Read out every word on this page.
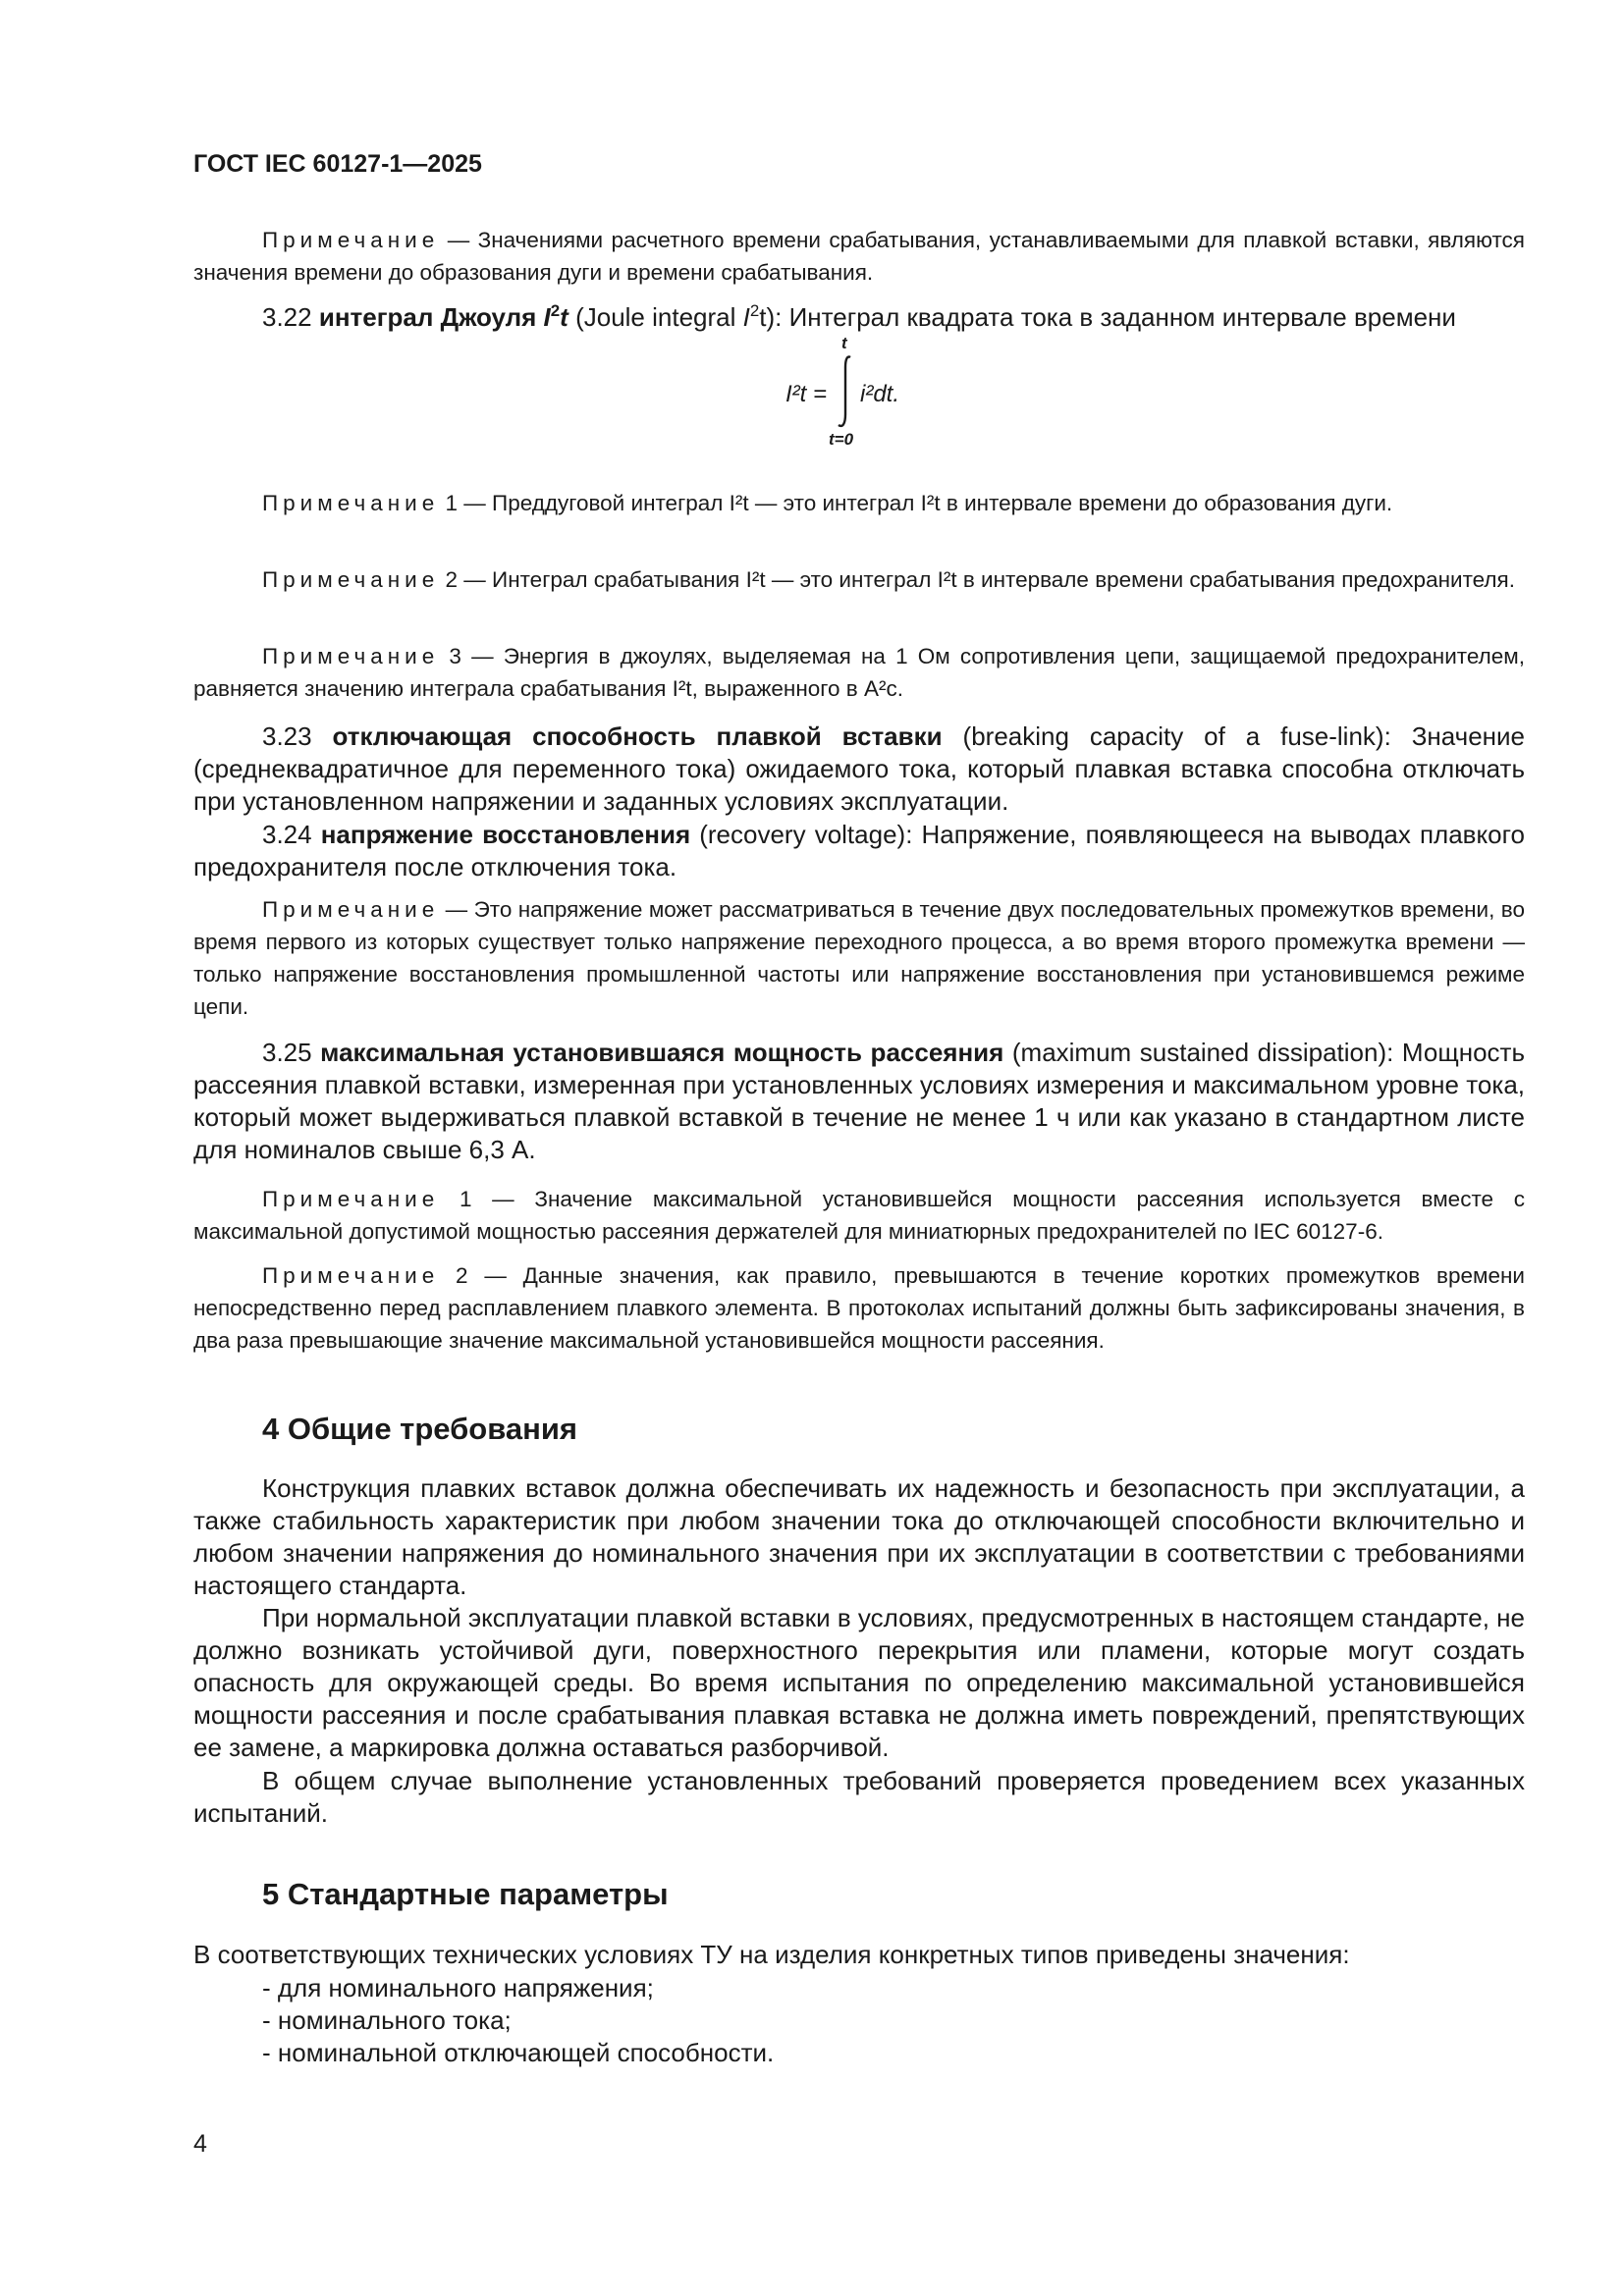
ГОСТ IEC 60127-1—2025
Примечание — Значениями расчетного времени срабатывания, устанавливаемыми для плавкой вставки, являются значения времени до образования дуги и времени срабатывания.
3.22 интеграл Джоуля $I^2t$ (Joule integral $I^2t$): Интеграл квадрата тока в заданном интервале времени
I²t =
t
t=0
i²dt.
Примечание 1 — Преддуговой интеграл I²t — это интеграл I²t в интервале времени до образования дуги.
Примечание 2 — Интеграл срабатывания I²t — это интеграл I²t в интервале времени срабатывания предохранителя.
Примечание 3 — Энергия в джоулях, выделяемая на 1 Ом сопротивления цепи, защищаемой предохранителем, равняется значению интеграла срабатывания I²t, выраженного в А²с.
3.23 отключающая способность плавкой вставки (breaking capacity of a fuse-link): Значение (среднеквадратичное для переменного тока) ожидаемого тока, который плавкая вставка способна отключать при установленном напряжении и заданных условиях эксплуатации.
3.24 напряжение восстановления (recovery voltage): Напряжение, появляющееся на выводах плавкого предохранителя после отключения тока.
Примечание — Это напряжение может рассматриваться в течение двух последовательных промежутков времени, во время первого из которых существует только напряжение переходного процесса, а во время второго промежутка времени — только напряжение восстановления промышленной частоты или напряжение восстановления при установившемся режиме цепи.
3.25 максимальная установившаяся мощность рассеяния (maximum sustained dissipation): Мощность рассеяния плавкой вставки, измеренная при установленных условиях измерения и максимальном уровне тока, который может выдерживаться плавкой вставкой в течение не менее 1 ч или как указано в стандартном листе для номиналов свыше 6,3 А.
Примечание 1 — Значение максимальной установившейся мощности рассеяния используется вместе с максимальной допустимой мощностью рассеяния держателей для миниатюрных предохранителей по IEC 60127-6.
Примечание 2 — Данные значения, как правило, превышаются в течение коротких промежутков времени непосредственно перед расплавлением плавкого элемента. В протоколах испытаний должны быть зафиксированы значения, в два раза превышающие значение максимальной установившейся мощности рассеяния.
4 Общие требования
Конструкция плавких вставок должна обеспечивать их надежность и безопасность при эксплуатации, а также стабильность характеристик при любом значении тока до отключающей способности включительно и любом значении напряжения до номинального значения при их эксплуатации в соответствии с требованиями настоящего стандарта.
При нормальной эксплуатации плавкой вставки в условиях, предусмотренных в настоящем стандарте, не должно возникать устойчивой дуги, поверхностного перекрытия или пламени, которые могут создать опасность для окружающей среды. Во время испытания по определению максимальной установившейся мощности рассеяния и после срабатывания плавкая вставка не должна иметь повреждений, препятствующих ее замене, а маркировка должна оставаться разборчивой.
В общем случае выполнение установленных требований проверяется проведением всех указанных испытаний.
5 Стандартные параметры
В соответствующих технических условиях ТУ на изделия конкретных типов приведены значения:
- для номинального напряжения;
- номинального тока;
- номинальной отключающей способности.
4
